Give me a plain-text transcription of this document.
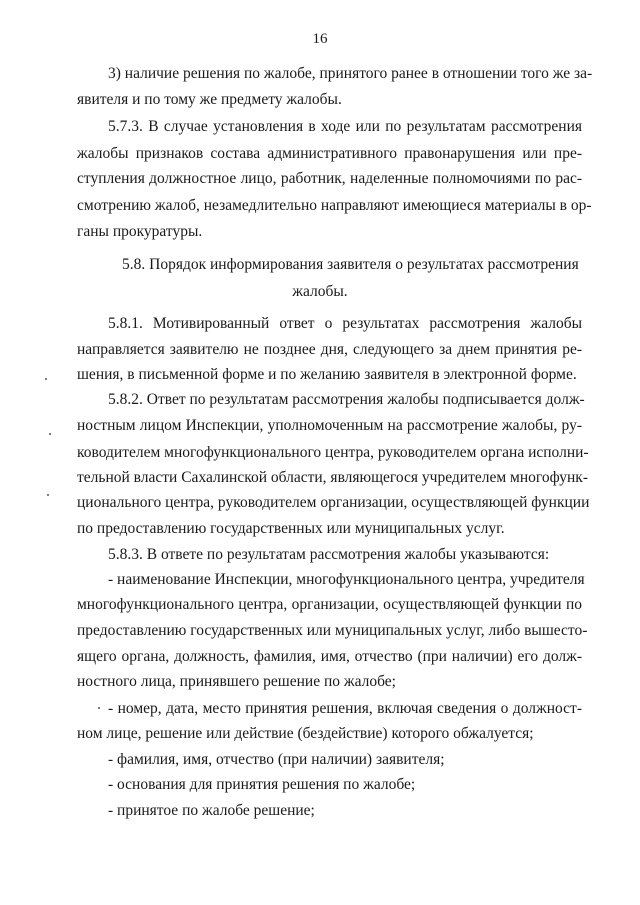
16
3) наличие решения по жалобе, принятого ранее в отношении того же за-
явителя и по тому же предмету жалобы.
5.7.3. В случае установления в ходе или по результатам рассмотрения
жалобы признаков состава административного правонарушения или пре-
ступления должностное лицо, работник, наделенные полномочиями по рас-
смотрению жалоб, незамедлительно направляют имеющиеся материалы в ор-
ганы прокуратуры.
5.8. Порядок информирования заявителя о результатах рассмотрения
жалобы.
5.8.1. Мотивированный ответ о результатах рассмотрения жалобы
направляется заявителю не позднее дня, следующего за днем принятия ре-
шения, в письменной форме и по желанию заявителя в электронной форме.
5.8.2. Ответ по результатам рассмотрения жалобы подписывается долж-
ностным лицом Инспекции, уполномоченным на рассмотрение жалобы, ру-
ководителем многофункционального центра, руководителем органа исполни-
тельной власти Сахалинской области, являющегося учредителем многофунк-
ционального центра, руководителем организации, осуществляющей функции
по предоставлению государственных или муниципальных услуг.
5.8.3. В ответе по результатам рассмотрения жалобы указываются:
- наименование Инспекции, многофункционального центра, учредителя
многофункционального центра, организации, осуществляющей функции по
предоставлению государственных или муниципальных услуг, либо вышесто-
ящего органа, должность, фамилия, имя, отчество (при наличии) его долж-
ностного лица, принявшего решение по жалобе;
- номер, дата, место принятия решения, включая сведения о должност-
ном лице, решение или действие (бездействие) которого обжалуется;
- фамилия, имя, отчество (при наличии) заявителя;
- основания для принятия решения по жалобе;
- принятое по жалобе решение;
